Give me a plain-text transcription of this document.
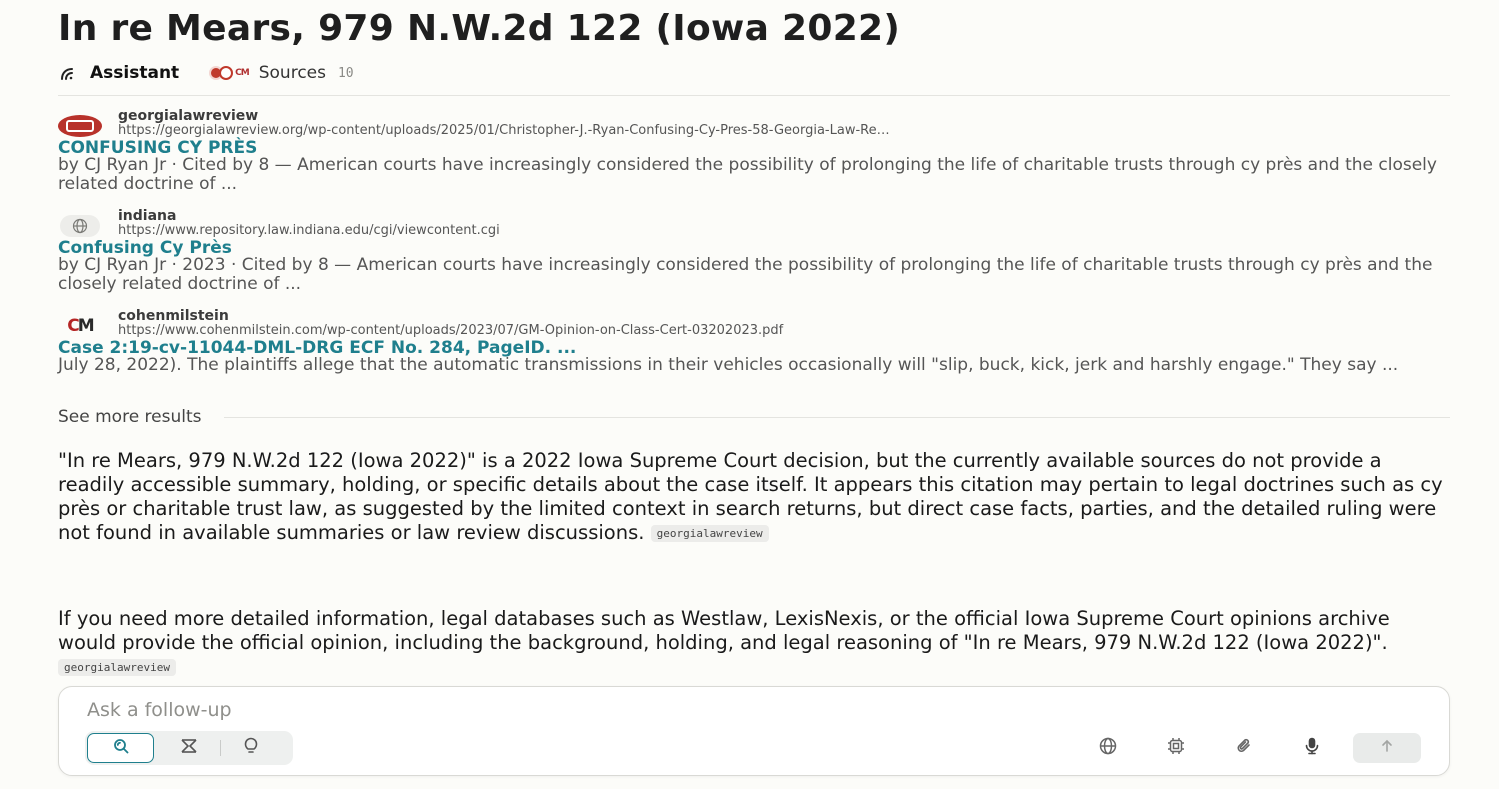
In re Mears, 979 N.W.2d 122 (Iowa 2022)
Assistant	CM Sources 10
georgialawreview
https://georgialawreview.org/wp-content/uploads/2025/01/Christopher-J.-Ryan-Confusing-Cy-Pres-58-Georgia-Law-Re…
CONFUSING CY PRÈS
by CJ Ryan Jr · Cited by 8 — American courts have increasingly considered the possibility of prolonging the life of charitable trusts through cy près and the closely related doctrine of ...
indiana
https://www.repository.law.indiana.edu/cgi/viewcontent.cgi
Confusing Cy Près
by CJ Ryan Jr · 2023 · Cited by 8 — American courts have increasingly considered the possibility of prolonging the life of charitable trusts through cy près and the closely related doctrine of ...
CM cohenmilstein
https://www.cohenmilstein.com/wp-content/uploads/2023/07/GM-Opinion-on-Class-Cert-03202023.pdf
Case 2:19-cv-11044-DML-DRG ECF No. 284, PageID. ...
July 28, 2022). The plaintiffs allege that the automatic transmissions in their vehicles occasionally will "slip, buck, kick, jerk and harshly engage." They say ...
See more results

"In re Mears, 979 N.W.2d 122 (Iowa 2022)" is a 2022 Iowa Supreme Court decision, but the currently available sources do not provide a readily accessible summary, holding, or specific details about the case itself. It appears this citation may pertain to legal doctrines such as cy près or charitable trust law, as suggested by the limited context in search returns, but direct case facts, parties, and the detailed ruling were not found in available summaries or law review discussions. georgialawreview

If you need more detailed information, legal databases such as Westlaw, LexisNexis, or the official Iowa Supreme Court opinions archive would provide the official opinion, including the background, holding, and legal reasoning of "In re Mears, 979 N.W.2d 122 (Iowa 2022)". georgialawreview

Ask a follow-up
